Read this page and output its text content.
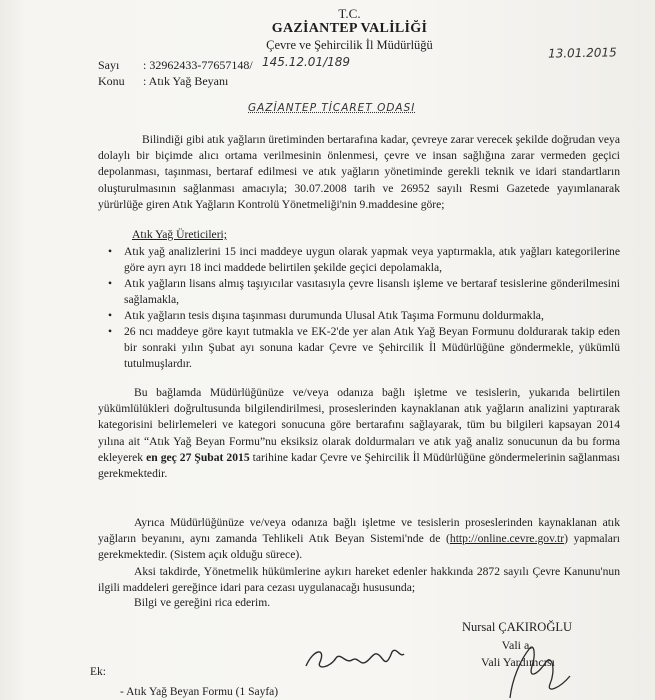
T.C.
GAZİANTEP VALİLİĞİ
Çevre ve Şehircilik İl Müdürlüğü
Sayı : 32962433-77657148/ 145.12.01/189
13.01.2015
Konu : Atık Yağ Beyanı
GAZİANTEP TİCARET ODASI
Bilindiği gibi atık yağların üretiminden bertarafına kadar, çevreye zarar verecek şekilde doğrudan veya dolaylı bir biçimde alıcı ortama verilmesinin önlenmesi, çevre ve insan sağlığına zarar vermeden geçici depolanması, taşınması, bertaraf edilmesi ve atık yağların yönetiminde gerekli teknik ve idari standartların oluşturulmasının sağlanması amacıyla; 30.07.2008 tarih ve 26952 sayılı Resmi Gazetede yayımlanarak yürürlüğe giren Atık Yağların Kontrolü Yönetmeliği'nin 9.maddesine göre;
Atık Yağ Üreticileri;
• Atık yağ analizlerini 15 inci maddeye uygun olarak yapmak veya yaptırmakla, atık yağları kategorilerine göre ayrı ayrı 18 inci maddede belirtilen şekilde geçici depolamakla,
• Atık yağların lisans almış taşıyıcılar vasıtasıyla çevre lisanslı işleme ve bertaraf tesislerine gönderilmesini sağlamakla,
• Atık yağların tesis dışına taşınması durumunda Ulusal Atık Taşıma Formunu doldurmakla,
• 26 ncı maddeye göre kayıt tutmakla ve EK-2'de yer alan Atık Yağ Beyan Formunu doldurarak takip eden bir sonraki yılın Şubat ayı sonuna kadar Çevre ve Şehircilik İl Müdürlüğüne göndermekle, yükümlü tutulmuşlardır.
Bu bağlamda Müdürlüğünüze ve/veya odanıza bağlı işletme ve tesislerin, yukarıda belirtilen yükümlülükleri doğrultusunda bilgilendirilmesi, proseslerinden kaynaklanan atık yağların analizini yaptırarak kategorisini belirlemeleri ve kategori sonucuna göre bertarafını sağlayarak, tüm bu bilgileri kapsayan 2014 yılına ait “Atık Yağ Beyan Formu”nu eksiksiz olarak doldurmaları ve atık yağ analiz sonucunun da bu forma ekleyerek en geç 27 Şubat 2015 tarihine kadar Çevre ve Şehircilik İl Müdürlüğüne göndermelerinin sağlanması gerekmektedir.
Ayrıca Müdürlüğünüze ve/veya odanıza bağlı işletme ve tesislerin proseslerinden kaynaklanan atık yağların beyanını, aynı zamanda Tehlikeli Atık Beyan Sistemi'nde de (http://online.cevre.gov.tr) yapmaları gerekmektedir. (Sistem açık olduğu sürece).
Aksi takdirde, Yönetmelik hükümlerine aykırı hareket edenler hakkında 2872 sayılı Çevre Kanunu'nun ilgili maddeleri gereğince idari para cezası uygulanacağı hususunda;
Bilgi ve gereğini rica ederim.
Nursal ÇAKIROĞLU
Vali a.
Vali Yardımcısı
Ek:
- Atık Yağ Beyan Formu (1 Sayfa)
